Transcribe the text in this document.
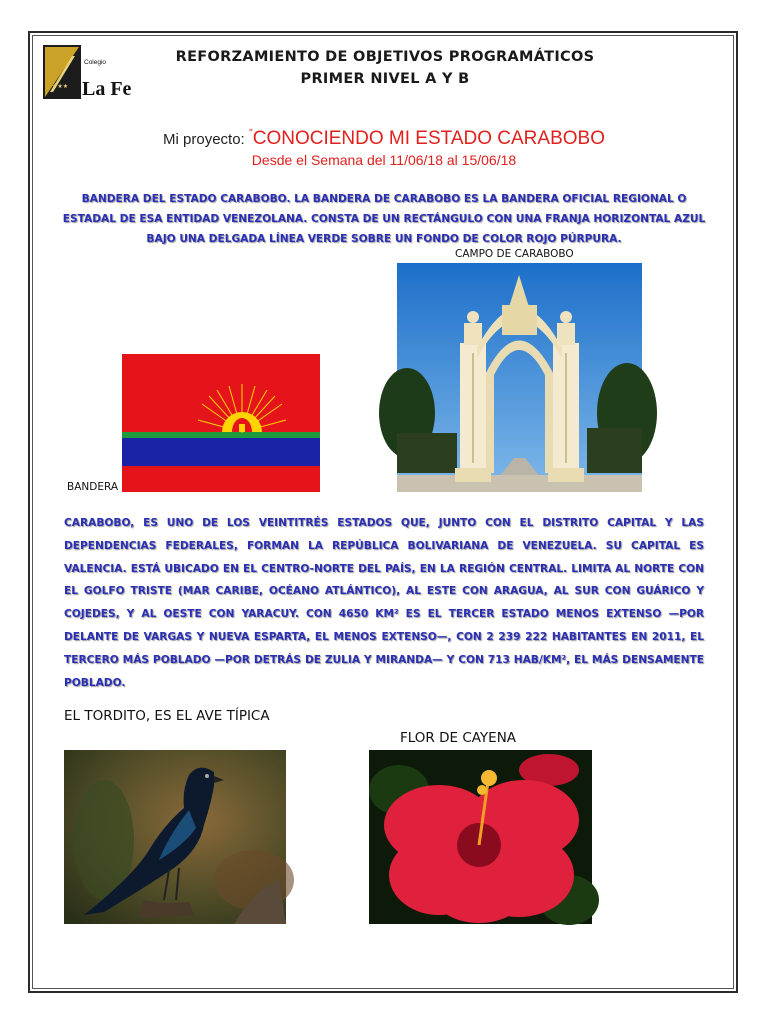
★★★
Colegio
La Fe
REFORZAMIENTO DE OBJETIVOS PROGRAMÁTICOS
PRIMER NIVEL A Y B
Mi proyecto: "CONOCIENDO MI ESTADO CARABOBO
Desde el Semana del 11/06/18 al 15/06/18
BANDERA DEL ESTADO CARABOBO. LA BANDERA DE CARABOBO ES LA BANDERA OFICIAL REGIONAL O ESTADAL DE ESA ENTIDAD VENEZOLANA. CONSTA DE UN RECTÁNGULO CON UNA FRANJA HORIZONTAL AZUL BAJO UNA DELGADA LÍNEA VERDE SOBRE UN FONDO DE COLOR ROJO PÚRPURA.
CAMPO DE CARABOBO
BANDERA
CARABOBO, ES UNO DE LOS VEINTITRÉS ESTADOS QUE, JUNTO CON EL DISTRITO CAPITAL Y LAS DEPENDENCIAS FEDERALES, FORMAN LA REPÚBLICA BOLIVARIANA DE VENEZUELA. SU CAPITAL ES VALENCIA. ESTÁ UBICADO EN EL CENTRO-NORTE DEL PAÍS, EN LA REGIÓN CENTRAL. LIMITA AL NORTE CON EL GOLFO TRISTE (MAR CARIBE, OCÉANO ATLÁNTICO), AL ESTE CON ARAGUA, AL SUR CON GUÁRICO Y COJEDES, Y AL OESTE CON YARACUY. CON 4650 KM² ES EL TERCER ESTADO MENOS EXTENSO —POR DELANTE DE VARGAS Y NUEVA ESPARTA, EL MENOS EXTENSO—, CON 2 239 222 HABITANTES EN 2011, EL TERCERO MÁS POBLADO —POR DETRÁS DE ZULIA Y MIRANDA— Y CON 713 HAB/KM², EL MÁS DENSAMENTE POBLADO.
EL TORDITO, ES EL AVE TÍPICA
FLOR DE CAYENA
